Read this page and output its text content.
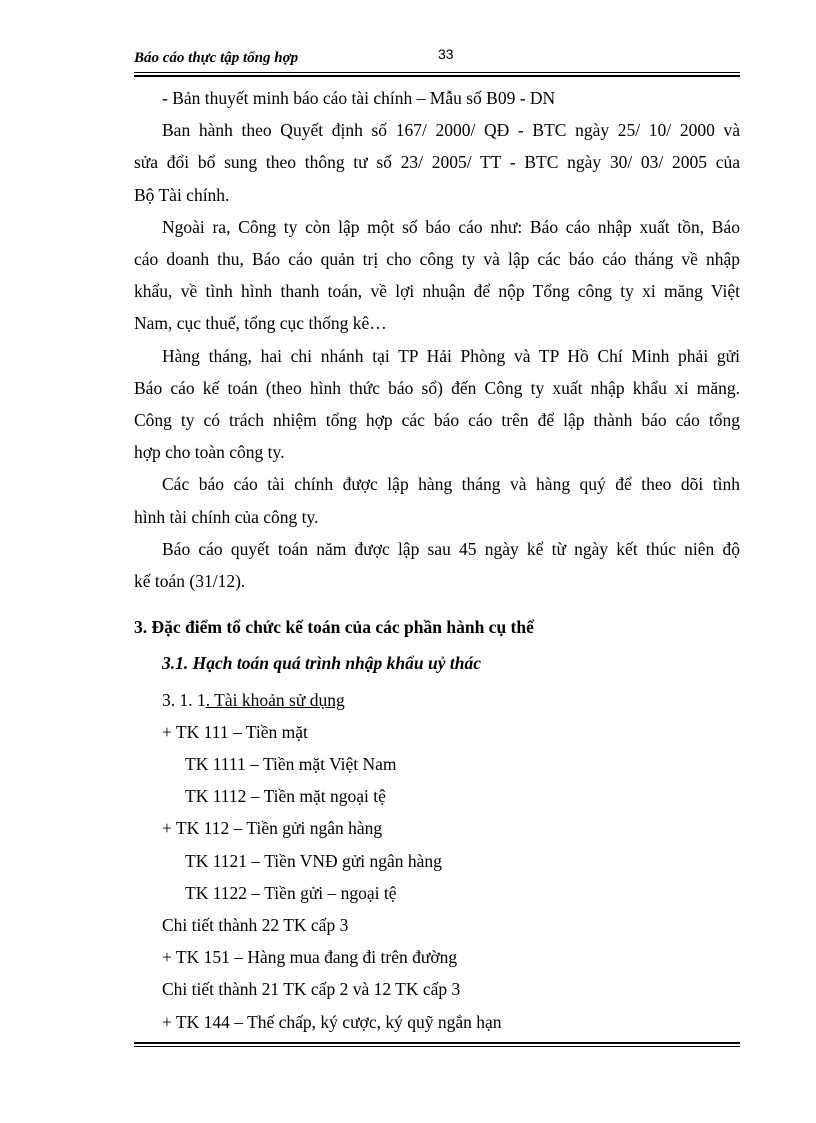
Báo cáo thực tập tổng hợp	33

- Bản thuyết minh báo cáo tài chính – Mẫu số B09 - DN

Ban hành theo Quyết định số 167/ 2000/ QĐ - BTC ngày 25/ 10/ 2000 và

sửa đổi bổ sung theo thông tư số 23/ 2005/ TT - BTC ngày 30/ 03/ 2005 của

Bộ Tài chính.

Ngoài ra, Công ty còn lập một số báo cáo như: Báo cáo nhập xuất tồn, Báo

cáo doanh thu, Báo cáo quản trị cho công ty và lập các báo cáo tháng về nhập

khẩu, về tình hình thanh toán, về lợi nhuận để nộp Tổng công ty xi măng Việt

Nam, cục thuế, tổng cục thống kê…

Hàng tháng, hai chi nhánh tại TP Hải Phòng và TP Hồ Chí Minh phải gửi

Báo cáo kế toán (theo hình thức báo sổ) đến Công ty xuất nhập khẩu xi măng.

Công ty có trách nhiệm tổng hợp các báo cáo trên để lập thành báo cáo tổng

hợp cho toàn công ty.

Các báo cáo tài chính được lập hàng tháng và hàng quý để theo dõi tình

hình tài chính của công ty.

Báo cáo quyết toán năm được lập sau 45 ngày kể từ ngày kết thúc niên độ

kế toán (31/12).

3. Đặc điểm tổ chức kế toán của các phần hành cụ thể

3.1. Hạch toán quá trình nhập khẩu uỷ thác

3. 1. 1. Tài khoản sử dụng

+ TK 111 – Tiền mặt

TK 1111 – Tiền mặt Việt Nam

TK 1112 – Tiền mặt ngoại tệ

+ TK 112 – Tiền gửi ngân hàng

TK 1121 – Tiền VNĐ gửi ngân hàng

TK 1122 – Tiền gửi – ngoại tệ

Chi tiết thành 22 TK cấp 3

+ TK 151 – Hàng mua đang đi trên đường

Chi tiết thành 21 TK cấp 2 và 12 TK cấp 3

+ TK 144 – Thế chấp, ký cược, ký quỹ ngắn hạn
